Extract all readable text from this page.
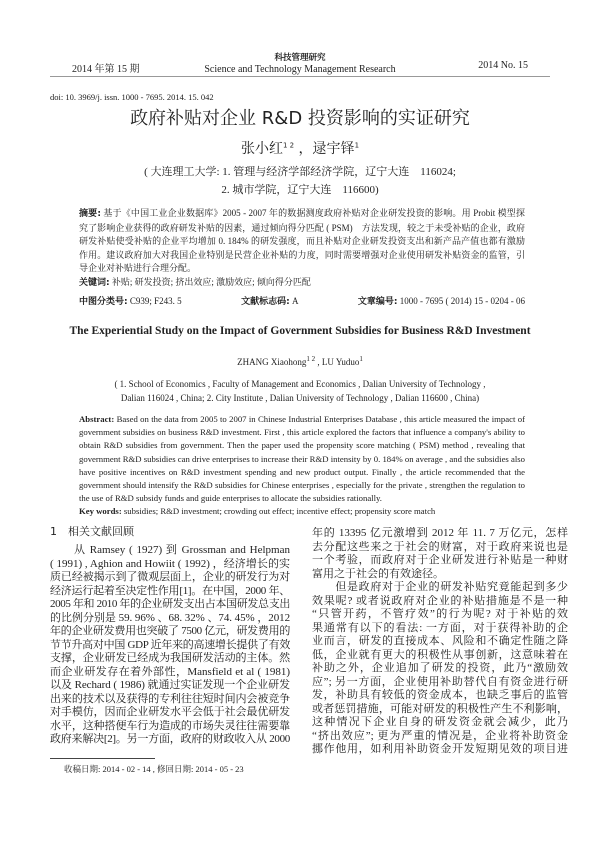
2014 年第 15 期
科技管理研究
Science and Technology Management Research	2014 No. 15
doi: 10. 3969/j. issn. 1000 - 7695. 2014. 15. 042
政府补贴对企业 R&D 投资影响的实证研究
张小红$^{1 2}$ ，逯宇铎$^1$
( 大连理工大学: 1. 管理与经济学部经济学院，辽宁大连　116024;
2. 城市学院，辽宁大连　116600)
摘要: 基于《中国工业企业数据库》2005 - 2007 年的数据测度政府补贴对企业研发投资的影响。用 Probit 模型探究了影响企业获得的政府研发补贴的因素，通过倾向得分匹配 ( PSM)　方法发现，较之于未受补贴的企业，政府研发补贴使受补贴的企业平均增加 0. 184% 的研发强度，而且补贴对企业研发投资支出和新产品产值也都有激励作用。建议政府加大对我国企业特别是民营企业补贴的力度，同时需要增强对企业使用研发补贴资金的监管，引导企业对补贴进行合理分配。
关键词: 补贴; 研发投资; 挤出效应; 激励效应; 倾向得分匹配
中图分类号: C939; F243. 5	文献标志码: A	文章编号: 1000 - 7695 ( 2014) 15 - 0204 - 06
The Experiential Study on the Impact of Government Subsidies for Business R&D Investment
ZHANG Xiaohong$^{1 2}$ , LU Yuduo$^1$
( 1. School of Economics , Faculty of Management and Economics , Dalian University of Technology ,
Dalian 116024 , China; 2. City Institute , Dalian University of Technology , Dalian 116600 , China)
Abstract: Based on the data from 2005 to 2007 in Chinese Industrial Enterprises Database , this article measured the impact of government subsidies on business R&D investment. First , this article explored the factors that influence a company's ability to obtain R&D subsidies from government. Then the paper used the propensity score matching ( PSM) method , revealing that government R&D subsidies can drive enterprises to increase their R&D intensity by 0. 184% on average , and the subsidies also have positive incentives on R&D investment spending and new product output. Finally , the article recommended that the government should intensify the R&D subsidies for Chinese enterprises , especially for the private , strengthen the regulation to the use of R&D subsidy funds and guide enterprises to allocate the subsidies rationally.
Key words: subsidies; R&D investment; crowding out effect; incentive effect; propensity score match
1　相关文献回顾
　　从 Ramsey ( 1927) 到 Grossman and Helpman
( 1991) , Aghion and Howiit ( 1992) ，经济增长的实
质已经被揭示到了微观层面上，企业的研发行为对
经济运行起着至决定性作用[1]。在中国，2000 年、
2005 年和 2010 年的企业研发支出占本国研发总支出
的比例分别是 59. 96% 、68. 32% 、74. 45% ，2012
年的企业研发费用也突破了 7500 亿元，研发费用的
节节升高对中国 GDP 近年来的高速增长提供了有效
支撑，企业研发已经成为我国研发活动的主体。然
而企业研发存在着外部性，Mansfield et al ( 1981)
以及 Rechard ( 1986) 就通过实证发现一个企业研发
出来的技术以及获得的专利往往短时间内会被竞争
对手模仿，因而企业研发水平会低于社会最优研发
水平，这种搭便车行为造成的市场失灵往往需要靠
政府来解决[2]。另一方面，政府的财政收入从 2000
年的 13395 亿元激增到 2012 年 11. 7 万亿元，怎样
去分配这些来之于社会的财富，对于政府来说也是
一个考验，而政府对于企业研发进行补贴是一种财
富用之于社会的有效途径。
　　但是政府对于企业的研发补贴究竟能起到多少
效果呢? 或者说政府对企业的补贴措施是不是一种
“只管开药，不管疗效”的行为呢? 对于补贴的效
果通常有以下的看法: 一方面，对于获得补助的企
业而言，研发的直接成本、风险和不确定性随之降
低，企业就有更大的积极性从事创新，这意味着在
补助之外，企业追加了研发的投资，此乃“激励效
应”; 另一方面，企业使用补助替代自有资金进行研
发，补助具有较低的资金成本，也缺乏事后的监管
或者惩罚措施，可能对研发的积极性产生不利影响，
这种情况下企业自身的研发资金就会减少，此乃
“挤出效应”; 更为严重的情况是，企业将补助资金
挪作他用，如利用补助资金开发短期见效的项目进
收稿日期: 2014 - 02 - 14 , 修回日期: 2014 - 05 - 23
